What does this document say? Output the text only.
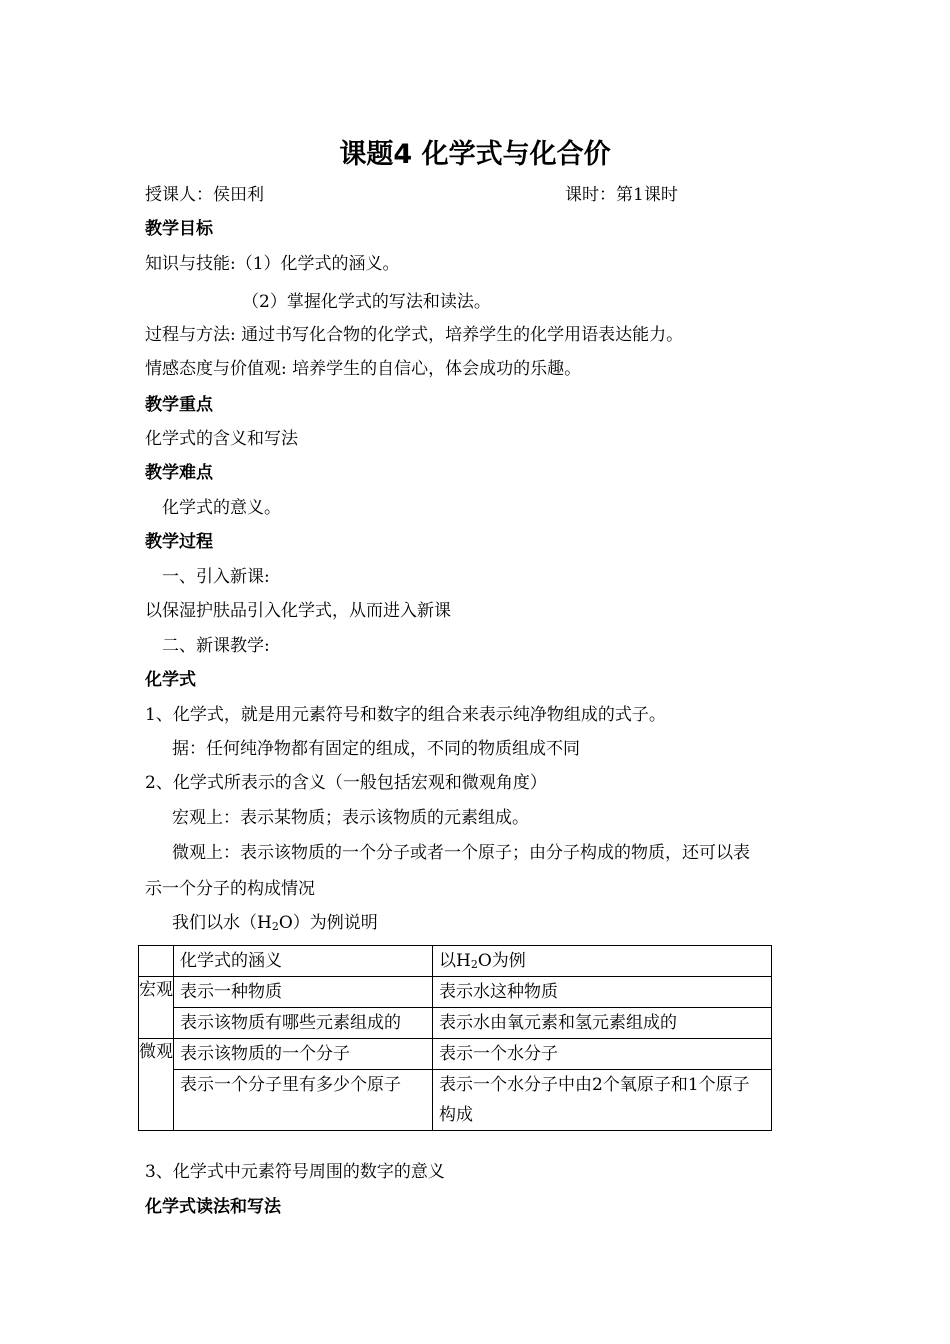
课题4 化学式与化合价
授课人：侯田利	课时：第1课时
教学目标
知识与技能:（1）化学式的涵义。
（2）掌握化学式的写法和读法。
过程与方法: 通过书写化合物的化学式，培养学生的化学用语表达能力。
情感态度与价值观: 培养学生的自信心，体会成功的乐趣。
教学重点
化学式的含义和写法
教学难点
化学式的意义。
教学过程
一、引入新课:
以保湿护肤品引入化学式，从而进入新课
二、新课教学:
化学式
1、化学式，就是用元素符号和数字的组合来表示纯净物组成的式子。
据：任何纯净物都有固定的组成，不同的物质组成不同
2、化学式所表示的含义（一般包括宏观和微观角度）
宏观上：表示某物质；表示该物质的元素组成。
微观上：表示该物质的一个分子或者一个原子；由分子构成的物质，还可以表
示一个分子的构成情况
我们以水$(H_2O)$为例说明
	化学式的涵义	以$H_2O$为例
宏观	表示一种物质	表示水这种物质
	表示该物质有哪些元素组成的	表示水由氧元素和氢元素组成的
微观	表示该物质的一个分子	表示一个水分子
	表示一个分子里有多少个原子	表示一个水分子中由2个氧原子和1个原子构成
3、化学式中元素符号周围的数字的意义
化学式读法和写法
